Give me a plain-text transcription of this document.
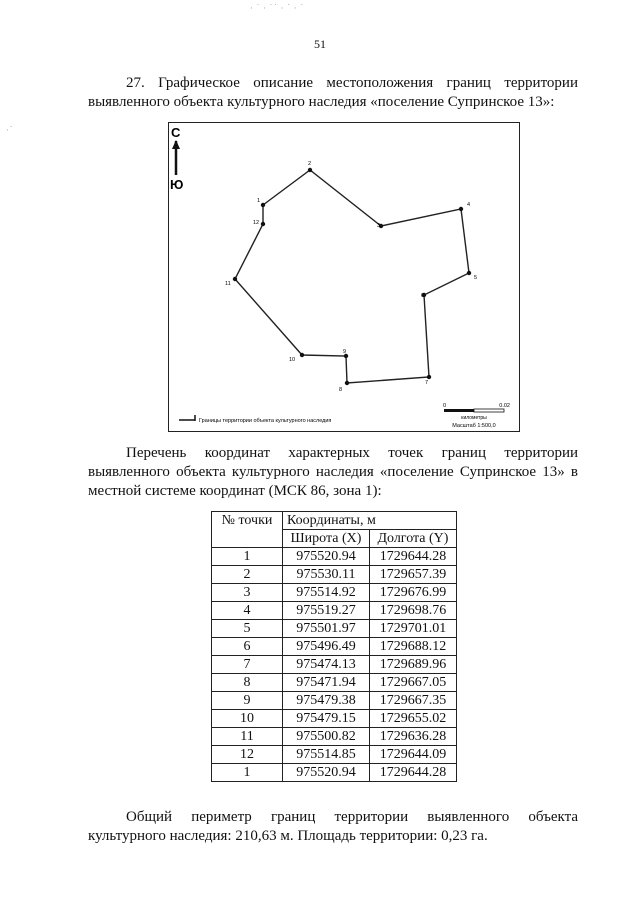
· ˙ · ˙˙ · ˙ · ˙
·˙
51
27. Графическое описание местоположения границ территории выявленного объекта культурного наследия «поселение Супринское 13»:
С
Ю
1
2
3
4
5
6
7
8
9
10
11
12
Границы территории объекта культурного наследия
0	0.02
километры
Масштаб 1:500,0
Перечень координат характерных точек границ территории выявленного объекта культурного наследия «поселение Супринское 13» в местной системе координат (МСК 86, зона 1):
№ точки	Координаты, м	
	Широта (X)	Долгота (Y)
1	975520.94	1729644.28
2	975530.11	1729657.39
3	975514.92	1729676.99
4	975519.27	1729698.76
5	975501.97	1729701.01
6	975496.49	1729688.12
7	975474.13	1729689.96
8	975471.94	1729667.05
9	975479.38	1729667.35
10	975479.15	1729655.02
11	975500.82	1729636.28
12	975514.85	1729644.09
1	975520.94	1729644.28
Общий периметр границ территории выявленного объекта культурного наследия: 210,63 м. Площадь территории: 0,23 га.
